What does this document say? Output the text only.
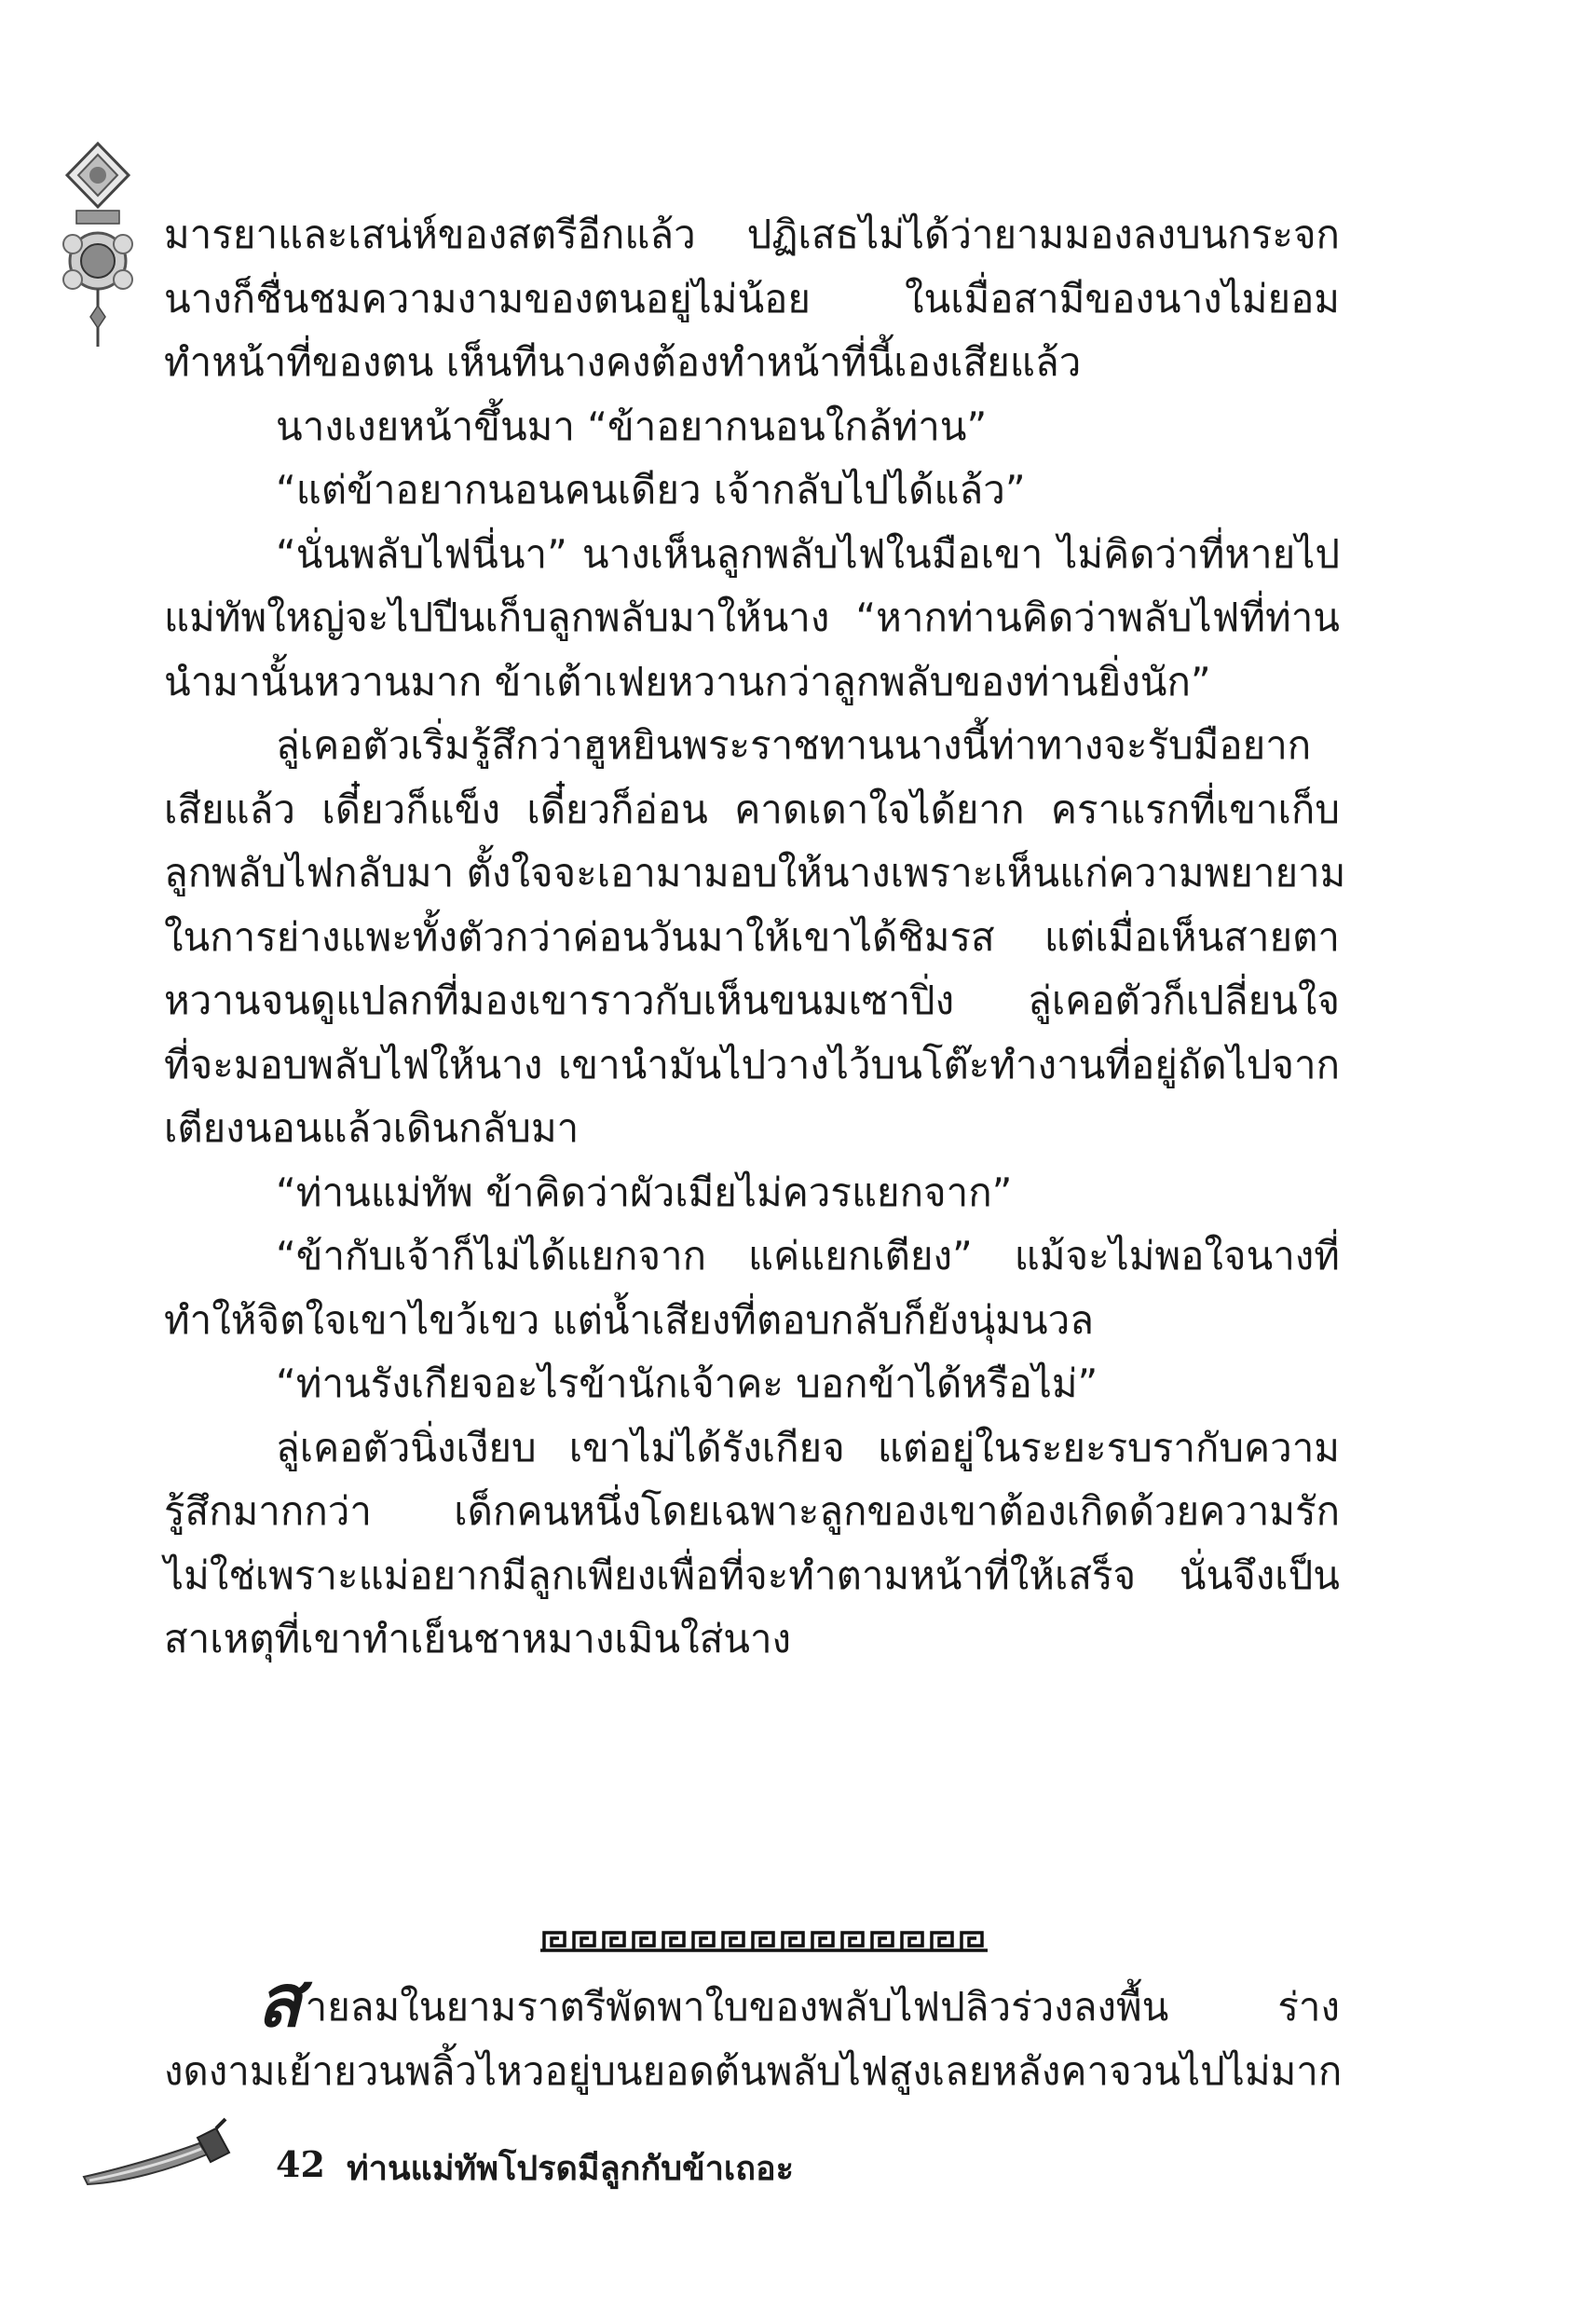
มารยาและเสน่ห์ของสตรีอีกแล้ว ปฏิเสธไม่ได้ว่ายามมองลงบนกระจก
นางก็ชื่นชมความงามของตนอยู่ไม่น้อย ในเมื่อสามีของนางไม่ยอม
ทำหน้าที่ของตน เห็นทีนางคงต้องทำหน้าที่นี้เองเสียแล้ว
นางเงยหน้าขึ้นมา “ข้าอยากนอนใกล้ท่าน”
“แต่ข้าอยากนอนคนเดียว เจ้ากลับไปได้แล้ว”
“นั่นพลับไฟนี่นา” นางเห็นลูกพลับไฟในมือเขา ไม่คิดว่าที่หายไป
แม่ทัพใหญ่จะไปปีนเก็บลูกพลับมาให้นาง “หากท่านคิดว่าพลับไฟที่ท่าน
นำมานั้นหวานมาก ข้าเต้าเฟยหวานกว่าลูกพลับของท่านยิ่งนัก”
ลู่เคอตัวเริ่มรู้สึกว่าฮูหยินพระราชทานนางนี้ท่าทางจะรับมือยาก
เสียแล้ว เดี๋ยวก็แข็ง เดี๋ยวก็อ่อน คาดเดาใจได้ยาก คราแรกที่เขาเก็บ
ลูกพลับไฟกลับมา ตั้งใจจะเอามามอบให้นางเพราะเห็นแก่ความพยายาม
ในการย่างแพะทั้งตัวกว่าค่อนวันมาให้เขาได้ชิมรส แต่เมื่อเห็นสายตา
หวานจนดูแปลกที่มองเขาราวกับเห็นขนมเซาปิ่ง ลู่เคอตัวก็เปลี่ยนใจ
ที่จะมอบพลับไฟให้นาง เขานำมันไปวางไว้บนโต๊ะทำงานที่อยู่ถัดไปจาก
เตียงนอนแล้วเดินกลับมา
“ท่านแม่ทัพ ข้าคิดว่าผัวเมียไม่ควรแยกจาก”
“ข้ากับเจ้าก็ไม่ได้แยกจาก แค่แยกเตียง” แม้จะไม่พอใจนางที่
ทำให้จิตใจเขาไขว้เขว แต่น้ำเสียงที่ตอบกลับก็ยังนุ่มนวล
“ท่านรังเกียจอะไรข้านักเจ้าคะ บอกข้าได้หรือไม่”
ลู่เคอตัวนิ่งเงียบ เขาไม่ได้รังเกียจ แต่อยู่ในระยะรบรากับความ
รู้สึกมากกว่า เด็กคนหนึ่งโดยเฉพาะลูกของเขาต้องเกิดด้วยความรัก
ไม่ใช่เพราะแม่อยากมีลูกเพียงเพื่อที่จะทำตามหน้าที่ให้เสร็จ นั่นจึงเป็น
สาเหตุที่เขาทำเย็นชาหมางเมินใส่นาง
สายลมในยามราตรีพัดพาใบของพลับไฟปลิวร่วงลงพื้น ร่าง
งดงามเย้ายวนพลิ้วไหวอยู่บนยอดต้นพลับไฟสูงเลยหลังคาจวนไปไม่มาก
42 ท่านแม่ทัพโปรดมีลูกกับข้าเถอะ
